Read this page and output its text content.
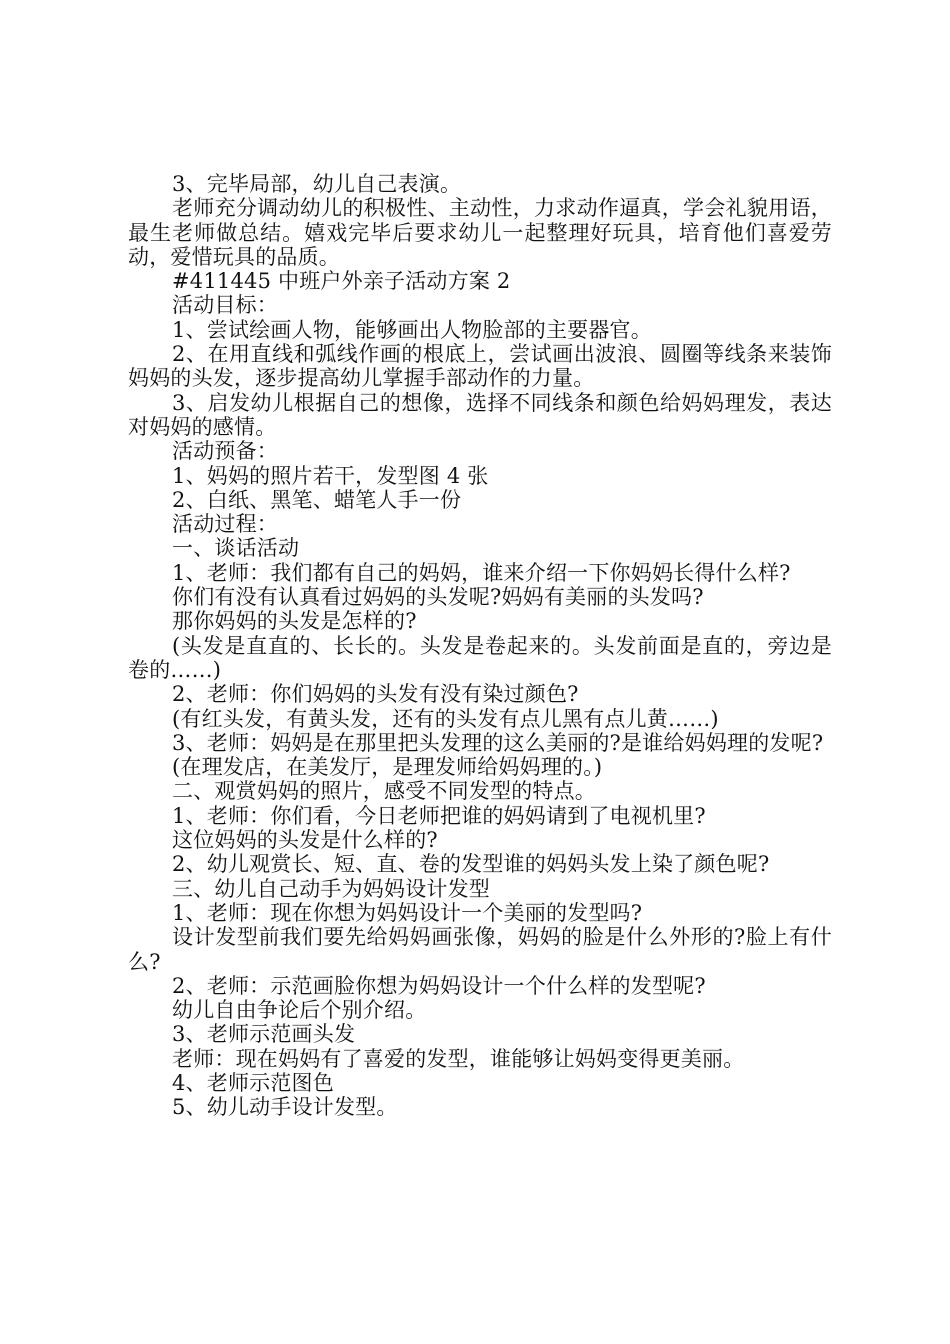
3、完毕局部，幼儿自己表演。

老师充分调动幼儿的积极性、主动性，力求动作逼真，学会礼貌用语，最生老师做总结。嬉戏完毕后要求幼儿一起整理好玩具，培育他们喜爱劳动，爱惜玩具的品质。

#411445 中班户外亲子活动方案 2

活动目标：

1、尝试绘画人物，能够画出人物脸部的主要器官。

2、在用直线和弧线作画的根底上，尝试画出波浪、圆圈等线条来装饰妈妈的头发，逐步提高幼儿掌握手部动作的力量。

3、启发幼儿根据自己的想像，选择不同线条和颜色给妈妈理发，表达对妈妈的感情。

活动预备：

1、妈妈的照片若干，发型图 4 张

2、白纸、黑笔、蜡笔人手一份

活动过程：

一、谈话活动

1、老师：我们都有自己的妈妈，谁来介绍一下你妈妈长得什么样?

你们有没有认真看过妈妈的头发呢?妈妈有美丽的头发吗?

那你妈妈的头发是怎样的?

(头发是直直的、长长的。头发是卷起来的。头发前面是直的，旁边是卷的……)

2、老师：你们妈妈的头发有没有染过颜色?

(有红头发，有黄头发，还有的头发有点儿黑有点儿黄……)

3、老师：妈妈是在那里把头发理的这么美丽的?是谁给妈妈理的发呢?

(在理发店，在美发厅，是理发师给妈妈理的。)

二、观赏妈妈的照片，感受不同发型的特点。

1、老师：你们看，今日老师把谁的妈妈请到了电视机里?

这位妈妈的头发是什么样的?

2、幼儿观赏长、短、直、卷的发型谁的妈妈头发上染了颜色呢?

三、幼儿自己动手为妈妈设计发型

1、老师：现在你想为妈妈设计一个美丽的发型吗?

设计发型前我们要先给妈妈画张像，妈妈的脸是什么外形的?脸上有什么?

2、老师：示范画脸你想为妈妈设计一个什么样的发型呢?

幼儿自由争论后个别介绍。

3、老师示范画头发

老师：现在妈妈有了喜爱的发型，谁能够让妈妈变得更美丽。

4、老师示范图色

5、幼儿动手设计发型。
